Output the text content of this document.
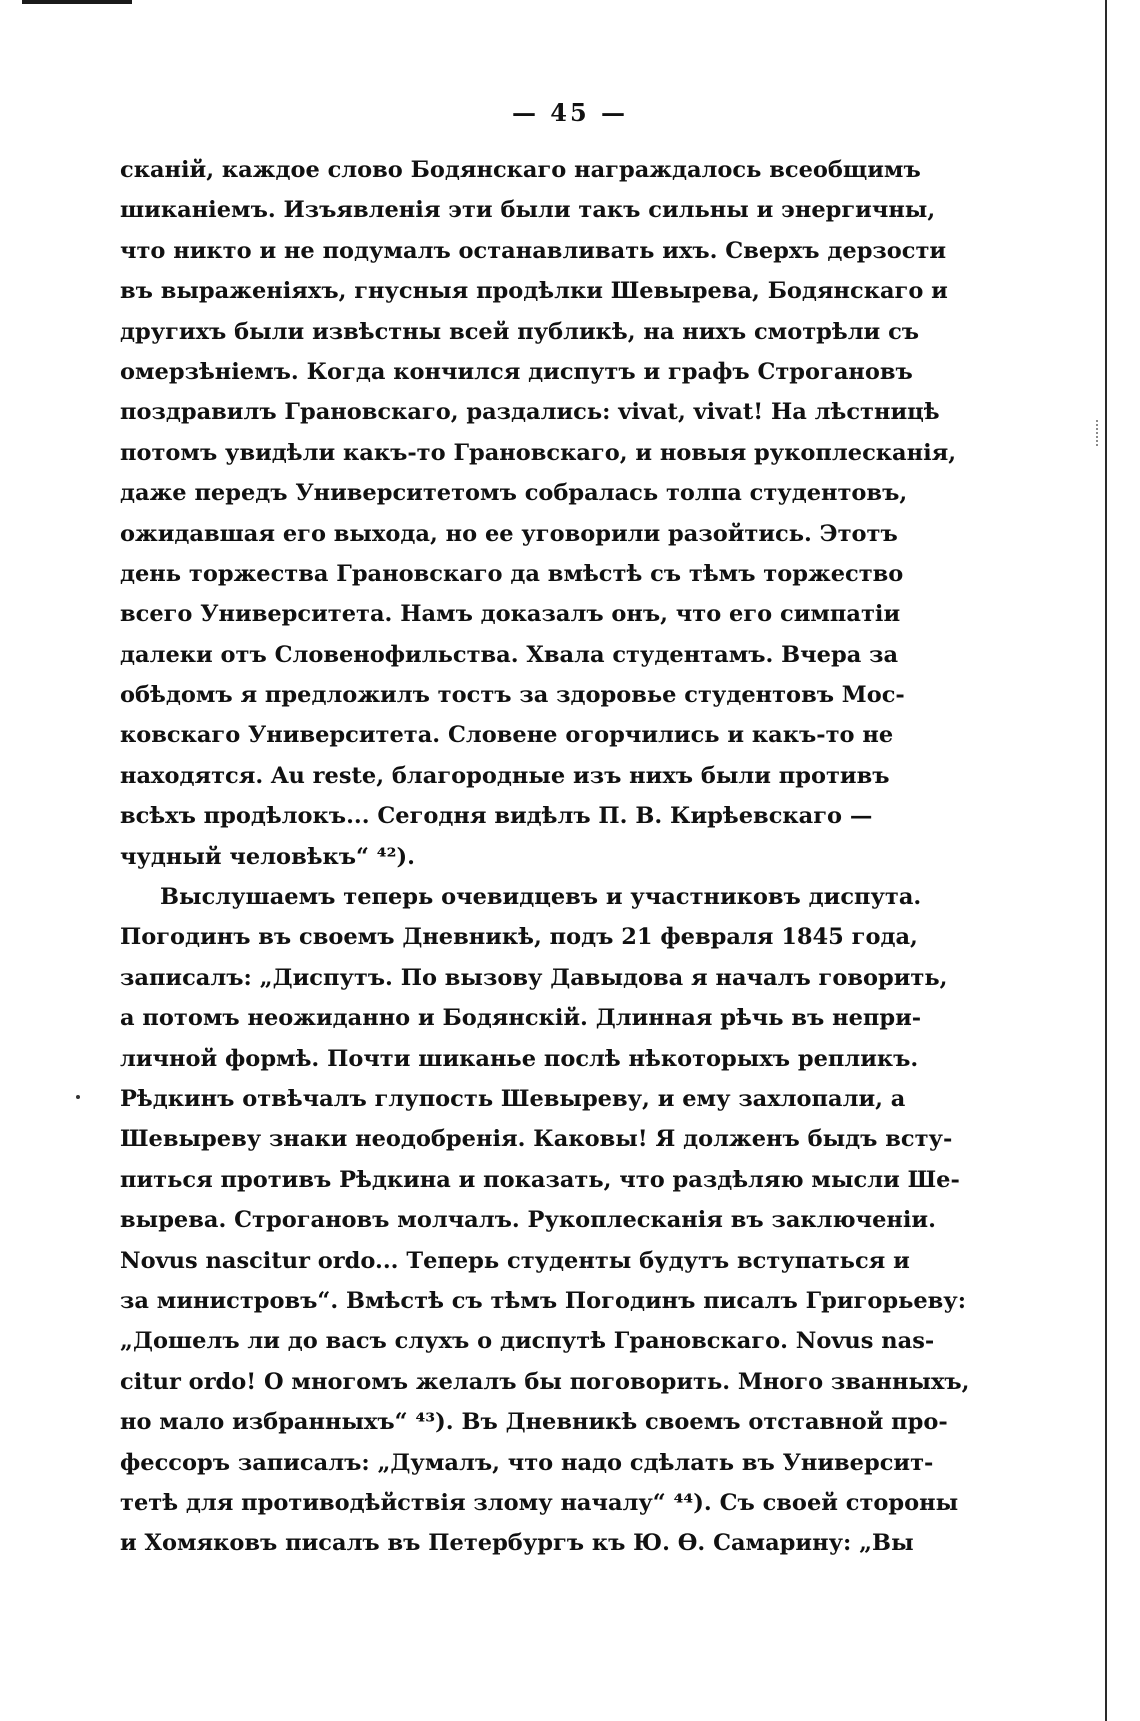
— 45 —
сканій, каждое слово Бодянскаго награждалось всеобщимъ
шиканіемъ. Изъявленія эти были такъ сильны и энергичны,
что никто и не подумалъ останавливать ихъ. Сверхъ дерзости
въ выраженіяхъ, гнусныя продѣлки Шевырева, Бодянскаго и
другихъ были извѣстны всей публикѣ, на нихъ смотрѣли съ
омерзѣніемъ. Когда кончился диспутъ и графъ Строгановъ
поздравилъ Грановскаго, раздались: vivat, vivat! На лѣстницѣ
потомъ увидѣли какъ-то Грановскаго, и новыя рукоплесканія,
даже передъ Университетомъ собралась толпа студентовъ,
ожидавшая его выхода, но ее уговорили разойтись. Этотъ
день торжества Грановскаго да вмѣстѣ съ тѣмъ торжество
всего Университета. Намъ доказалъ онъ, что его симпатіи
далеки отъ Словенофильства. Хвала студентамъ. Вчера за
обѣдомъ я предложилъ тостъ за здоровье студентовъ Мос-
ковскаго Университета. Словене огорчились и какъ-то не
находятся. Au reste, благородные изъ нихъ были противъ
всѣхъ продѣлокъ... Сегодня видѣлъ П. В. Кирѣевскаго —
чудный человѣкъ“ ⁴²).
Выслушаемъ теперь очевидцевъ и участниковъ диспута.
Погодинъ въ своемъ Дневникѣ, подъ 21 февраля 1845 года,
записалъ: „Диспутъ. По вызову Давыдова я началъ говорить,
а потомъ неожиданно и Бодянскій. Длинная рѣчь въ непри-
личной формѣ. Почти шиканье послѣ нѣкоторыхъ репликъ.
Рѣдкинъ отвѣчалъ глупость Шевыреву, и ему захлопали, а
Шевыреву знаки неодобренія. Каковы! Я долженъ быдъ всту-
питься противъ Рѣдкина и показать, что раздѣляю мысли Ше-
вырева. Строгановъ молчалъ. Рукоплесканія въ заключеніи.
Novus nascitur ordo... Теперь студенты будутъ вступаться и
за министровъ“. Вмѣстѣ съ тѣмъ Погодинъ писалъ Григорьеву:
„Дошелъ ли до васъ слухъ о диспутѣ Грановскаго. Novus nas-
citur ordo! О многомъ желалъ бы поговорить. Много званныхъ,
но мало избранныхъ“ ⁴³). Въ Дневникѣ своемъ отставной про-
фессоръ записалъ: „Думалъ, что надо сдѣлать въ Университ-
тетѣ для противодѣйствія злому началу“ ⁴⁴). Съ своей стороны
и Хомяковъ писалъ въ Петербургъ къ Ю. Ѳ. Самарину: „Вы
